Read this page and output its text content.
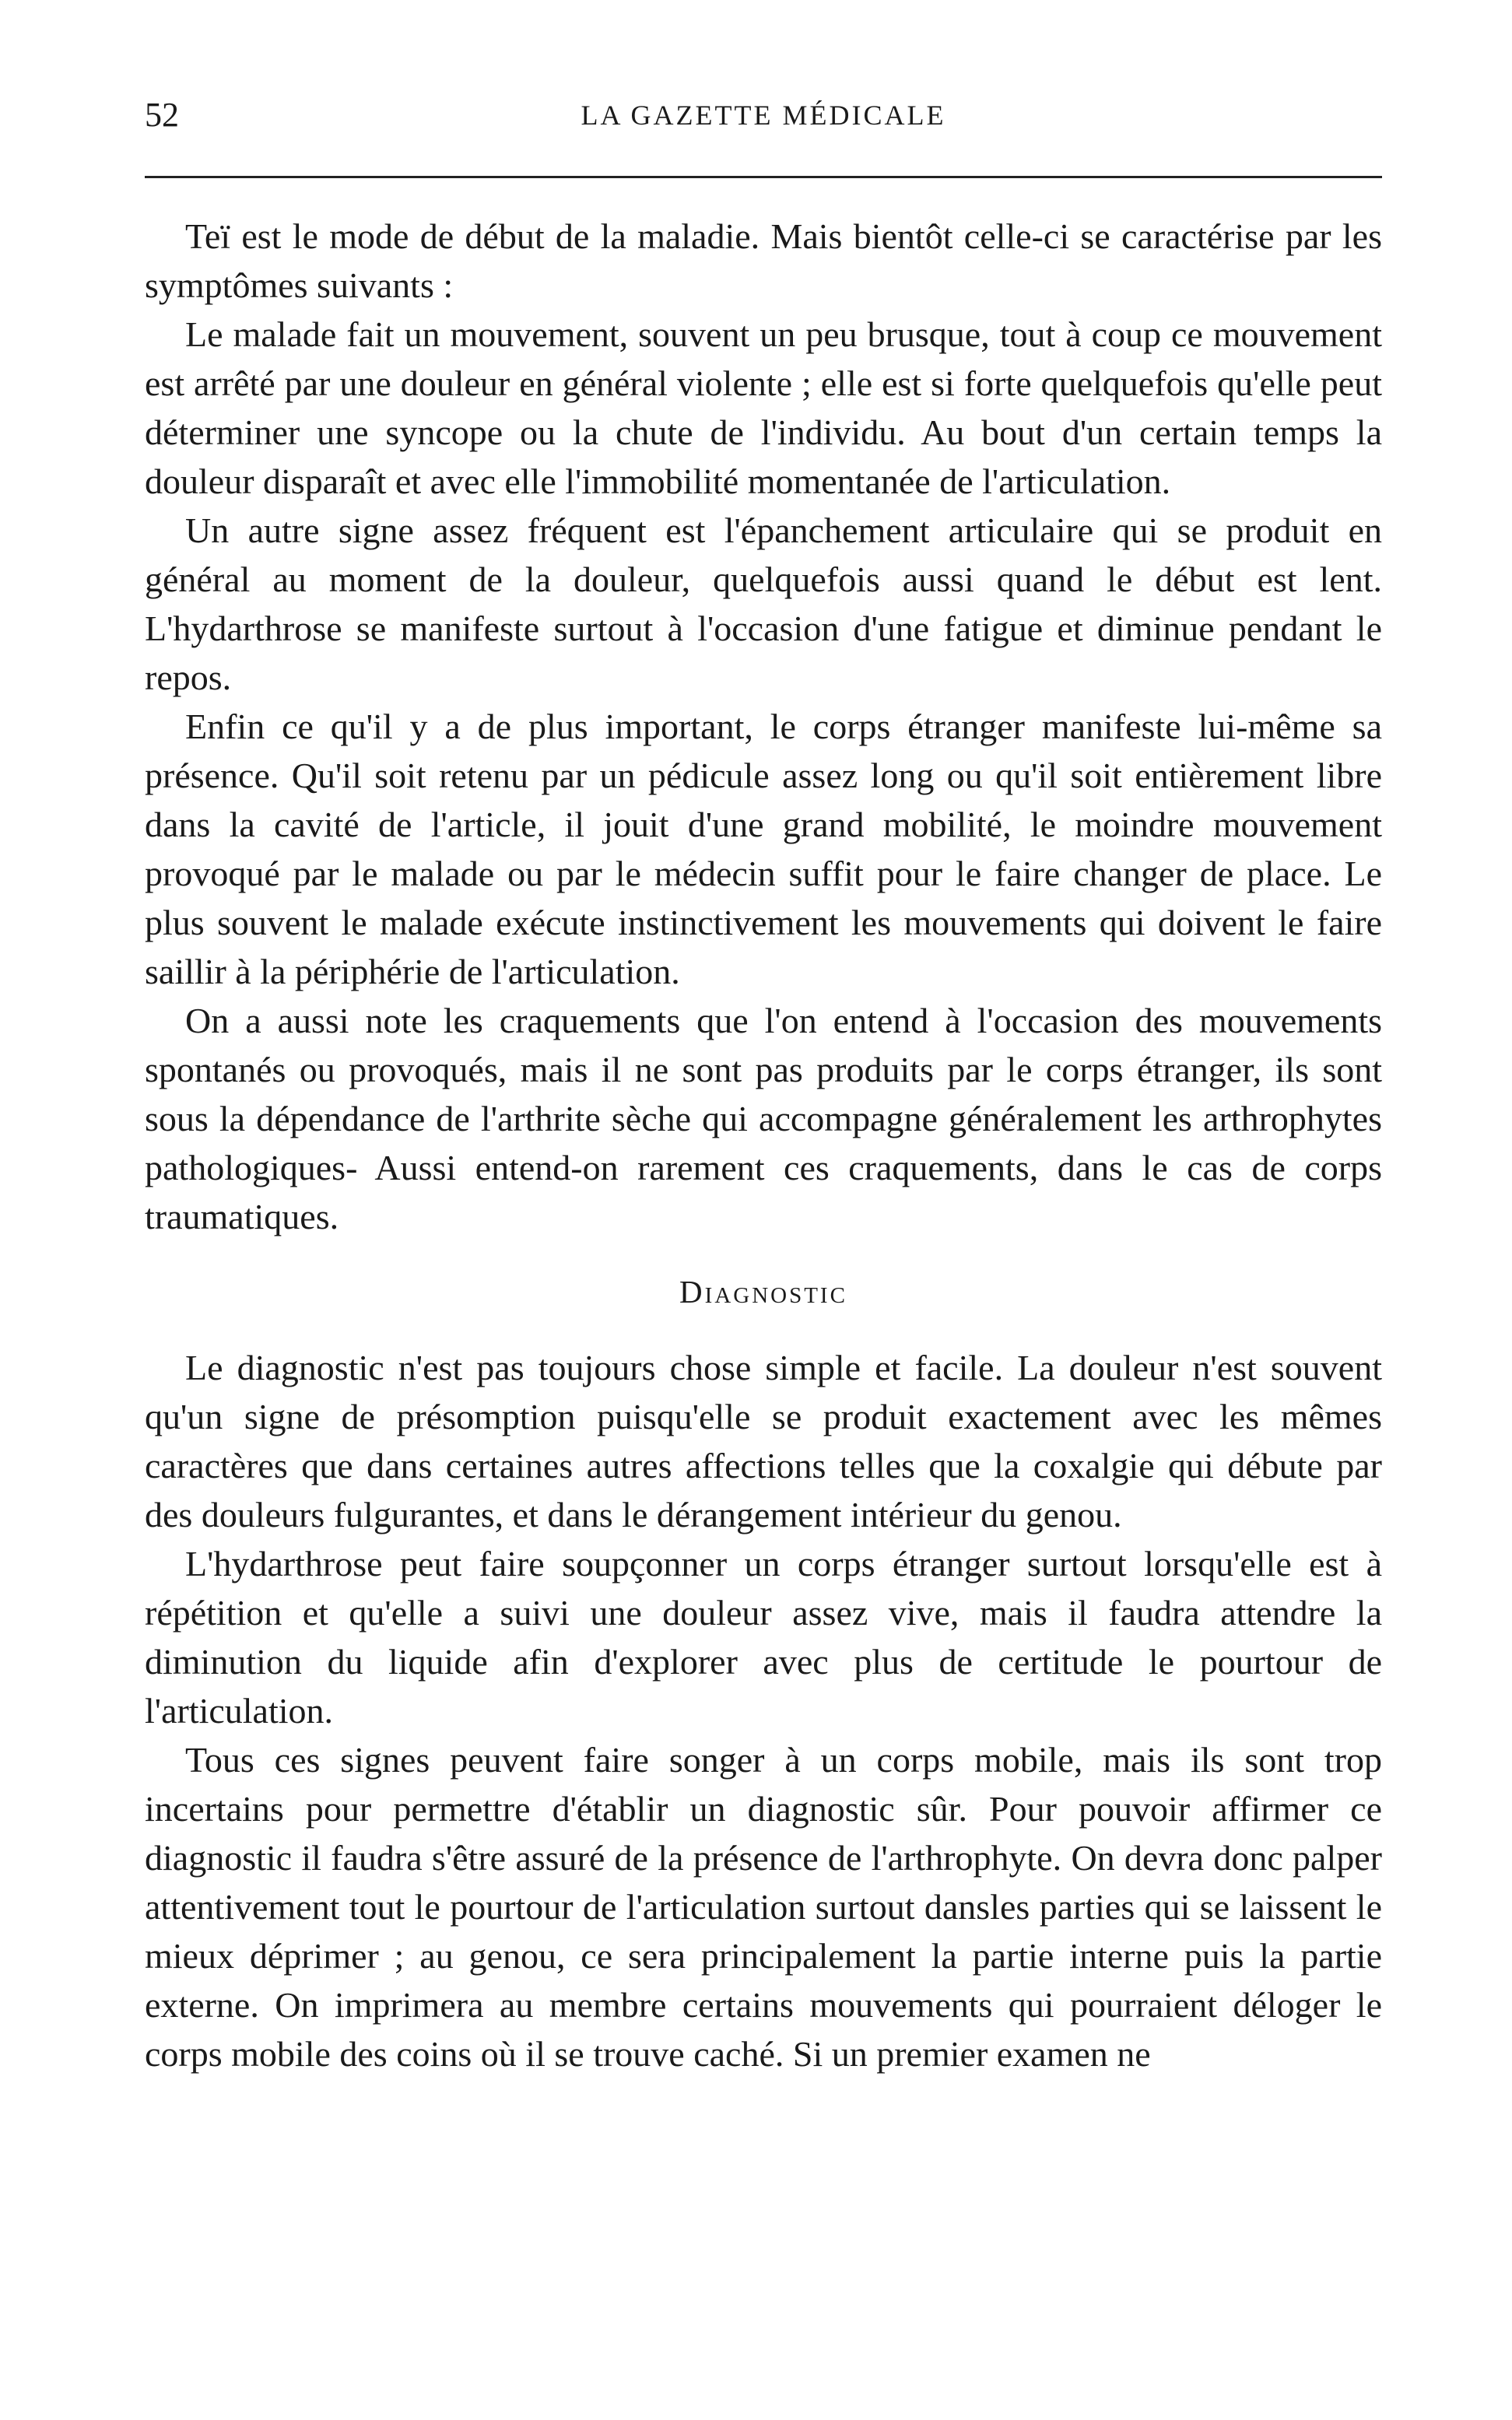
52	LA GAZETTE MÉDICALE

Teï est le mode de début de la maladie. Mais bientôt celle-ci se caractérise par les symptômes suivants :

Le malade fait un mouvement, souvent un peu brusque, tout à coup ce mouvement est arrêté par une douleur en général violente ; elle est si forte quelquefois qu'elle peut déterminer une syncope ou la chute de l'individu. Au bout d'un certain temps la douleur disparaît et avec elle l'immobilité momentanée de l'articulation.

Un autre signe assez fréquent est l'épanchement articulaire qui se produit en général au moment de la douleur, quelquefois aussi quand le début est lent. L'hydarthrose se manifeste surtout à l'occasion d'une fatigue et diminue pendant le repos.

Enfin ce qu'il y a de plus important, le corps étranger manifeste lui-même sa présence. Qu'il soit retenu par un pédicule assez long ou qu'il soit entièrement libre dans la cavité de l'article, il jouit d'une grand mobilité, le moindre mouvement provoqué par le malade ou par le médecin suffit pour le faire changer de place. Le plus souvent le malade exécute instinctivement les mouvements qui doivent le faire saillir à la périphérie de l'articulation.

On a aussi note les craquements que l'on entend à l'occasion des mouvements spontanés ou provoqués, mais il ne sont pas produits par le corps étranger, ils sont sous la dépendance de l'arthrite sèche qui accompagne généralement les arthrophytes pathologiques- Aussi entend-on rarement ces craquements, dans le cas de corps traumatiques.

Diagnostic

Le diagnostic n'est pas toujours chose simple et facile. La douleur n'est souvent qu'un signe de présomption puisqu'elle se produit exactement avec les mêmes caractères que dans certaines autres affections telles que la coxalgie qui débute par des douleurs fulgurantes, et dans le dérangement intérieur du genou.

L'hydarthrose peut faire soupçonner un corps étranger surtout lorsqu'elle est à répétition et qu'elle a suivi une douleur assez vive, mais il faudra attendre la diminution du liquide afin d'explorer avec plus de certitude le pourtour de l'articulation.

Tous ces signes peuvent faire songer à un corps mobile, mais ils sont trop incertains pour permettre d'établir un diagnostic sûr. Pour pouvoir affirmer ce diagnostic il faudra s'être assuré de la présence de l'arthrophyte. On devra donc palper attentivement tout le pourtour de l'articulation surtout dansles parties qui se laissent le mieux déprimer ; au genou, ce sera principalement la partie interne puis la partie externe. On imprimera au membre certains mouvements qui pourraient déloger le corps mobile des coins où il se trouve caché. Si un premier examen ne
